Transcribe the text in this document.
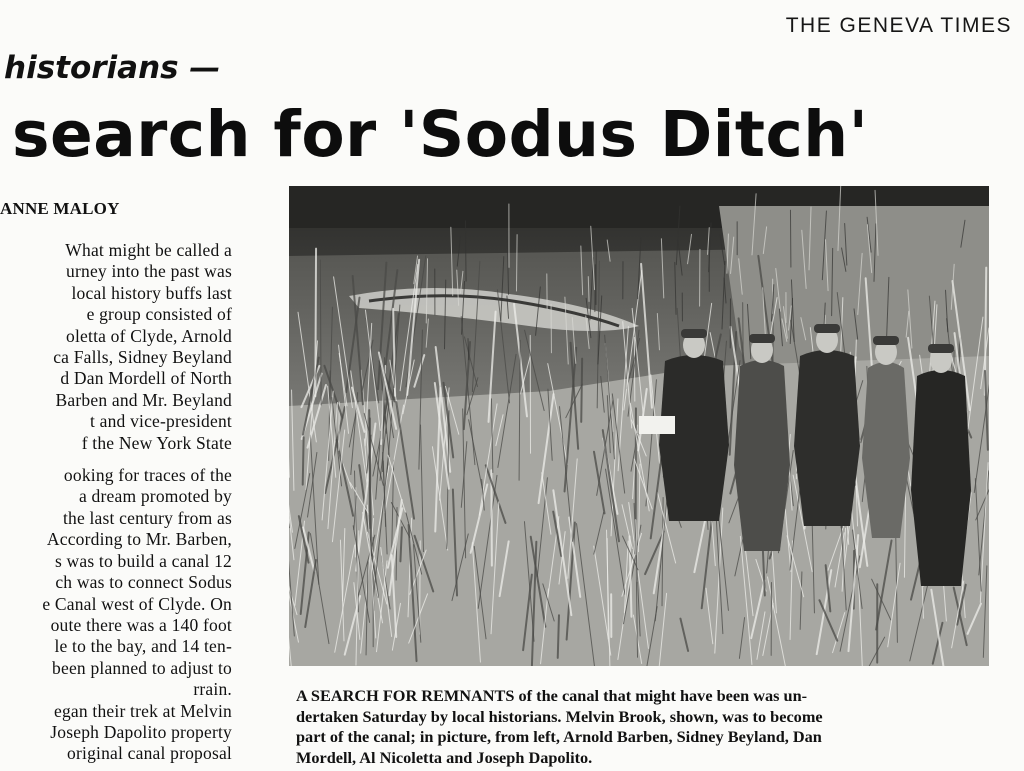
THE GENEVA TIMES
historians —
search for 'Sodus Ditch'
ANNE MALOY
What might be called a
urney into the past was
local history buffs last
e group consisted of
oletta of Clyde, Arnold
ca Falls, Sidney Beyland
d Dan Mordell of North
Barben and Mr. Beyland
t and vice-president
f the New York State
ooking for traces of the
a dream promoted by
the last century from as
According to Mr. Barben,
s was to build a canal 12
ch was to connect Sodus
e Canal west of Clyde. On
oute there was a 140 foot
le to the bay, and 14 ten-
been planned to adjust to
rrain.
egan their trek at Melvin
Joseph Dapolito property
original canal proposal
A SEARCH FOR REMNANTS of the canal that might have been was un-
dertaken Saturday by local historians. Melvin Brook, shown, was to become
part of the canal; in picture, from left, Arnold Barben, Sidney Beyland, Dan
Mordell, Al Nicoletta and Joseph Dapolito.
